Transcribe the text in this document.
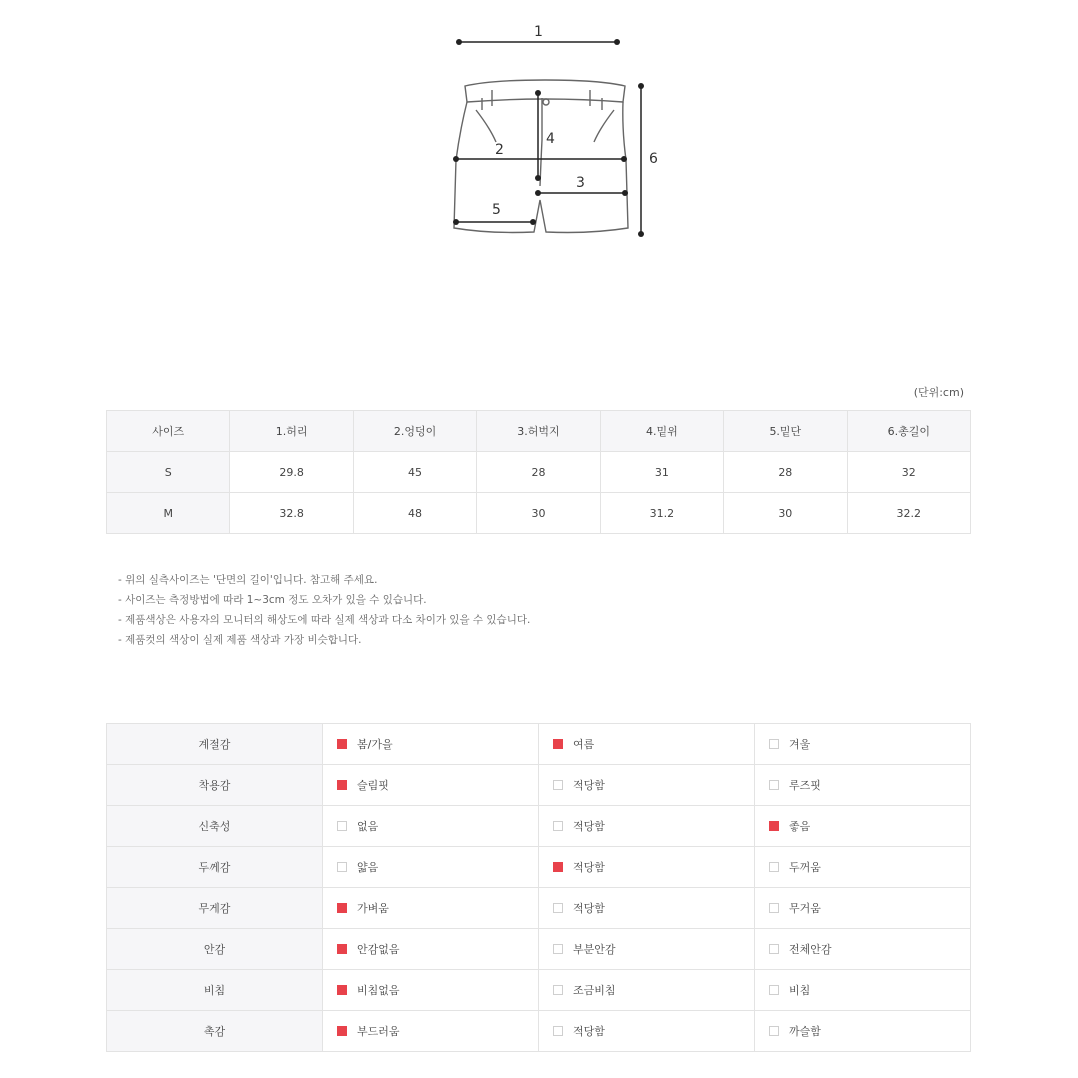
1
2
3
4
5
6
(단위:cm)
사이즈	1.허리	2.엉덩이	3.허벅지	4.밑위	5.밑단	6.총길이
S	29.8	45	28	31	28	32
M	32.8	48	30	31.2	30	32.2
- 위의 실측사이즈는 '단면의 길이'입니다. 참고해 주세요.
- 사이즈는 측정방법에 따라 1~3cm 정도 오차가 있을 수 있습니다.
- 제품색상은 사용자의 모니터의 해상도에 따라 실제 색상과 다소 차이가 있을 수 있습니다.
- 제품컷의 색상이 실제 제품 색상과 가장 비슷합니다.
계절감	봄/가을	여름	겨울

착용감	슬림핏	적당함	루즈핏

신축성	없음	적당함	좋음

두께감	얇음	적당함	두꺼움

무게감	가벼움	적당함	무거움

안감	안감없음	부분안감	전체안감

비침	비침없음	조금비침	비침

촉감	부드러움	적당함	까슬함
